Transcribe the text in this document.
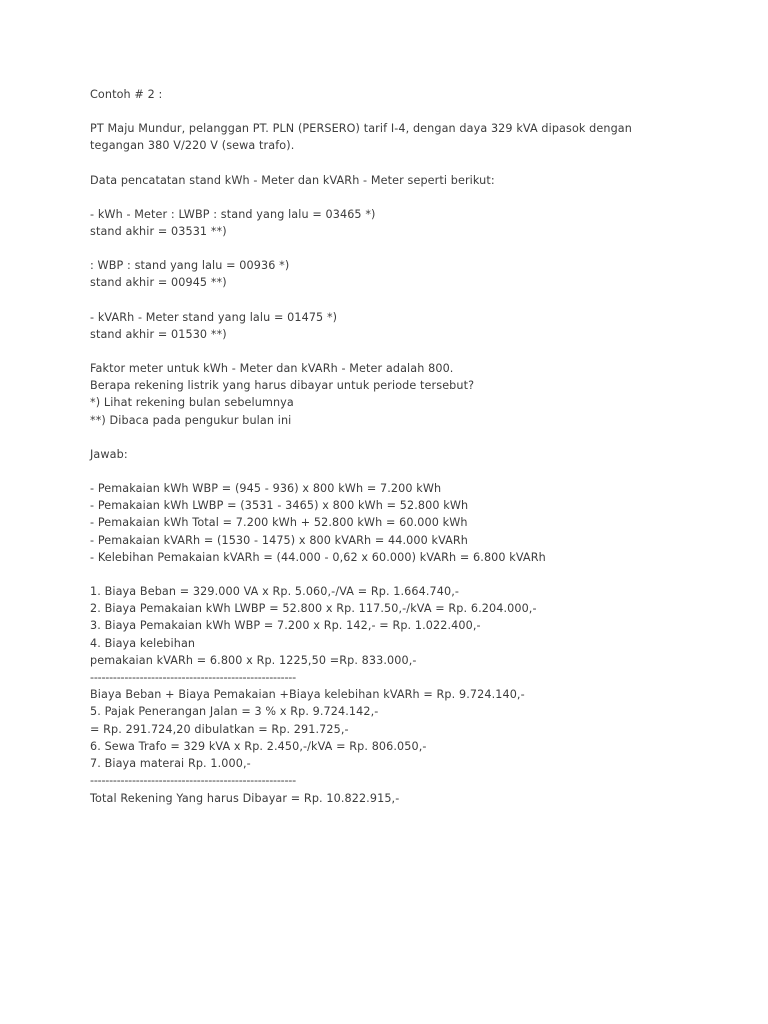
Contoh # 2 :

PT Maju Mundur, pelanggan PT. PLN (PERSERO) tarif I-4, dengan daya 329 kVA dipasok dengan tegangan 380 V/220 V (sewa trafo).

Data pencatatan stand kWh - Meter dan kVARh - Meter seperti berikut:

- kWh - Meter : LWBP : stand yang lalu = 03465 *)

stand akhir = 03531 **)

: WBP : stand yang lalu = 00936 *)

stand akhir = 00945 **)

- kVARh - Meter stand yang lalu = 01475 *)

stand akhir = 01530 **)

Faktor meter untuk kWh - Meter dan kVARh - Meter adalah 800.

Berapa rekening listrik yang harus dibayar untuk periode tersebut?

*) Lihat rekening bulan sebelumnya

**) Dibaca pada pengukur bulan ini

Jawab:

- Pemakaian kWh WBP = (945 - 936) x 800 kWh = 7.200 kWh

- Pemakaian kWh LWBP = (3531 - 3465) x 800 kWh = 52.800 kWh

- Pemakaian kWh Total = 7.200 kWh + 52.800 kWh = 60.000 kWh

- Pemakaian kVARh = (1530 - 1475) x 800 kVARh = 44.000 kVARh

- Kelebihan Pemakaian kVARh = (44.000 - 0,62 x 60.000) kVARh = 6.800 kVARh

1. Biaya Beban = 329.000 VA x Rp. 5.060,-/VA = Rp. 1.664.740,-

2. Biaya Pemakaian kWh LWBP = 52.800 x Rp. 117.50,-/kVA = Rp. 6.204.000,-

3. Biaya Pemakaian kWh WBP = 7.200 x Rp. 142,- = Rp. 1.022.400,-

4. Biaya kelebihan

pemakaian kVARh = 6.800 x Rp. 1225,50 =Rp. 833.000,-

------------------------------------------------------

Biaya Beban + Biaya Pemakaian +Biaya kelebihan kVARh = Rp. 9.724.140,-

5. Pajak Penerangan Jalan = 3 % x Rp. 9.724.142,-

= Rp. 291.724,20 dibulatkan = Rp. 291.725,-

6. Sewa Trafo = 329 kVA x Rp. 2.450,-/kVA = Rp. 806.050,-

7. Biaya materai Rp. 1.000,-

------------------------------------------------------

Total Rekening Yang harus Dibayar = Rp. 10.822.915,-
